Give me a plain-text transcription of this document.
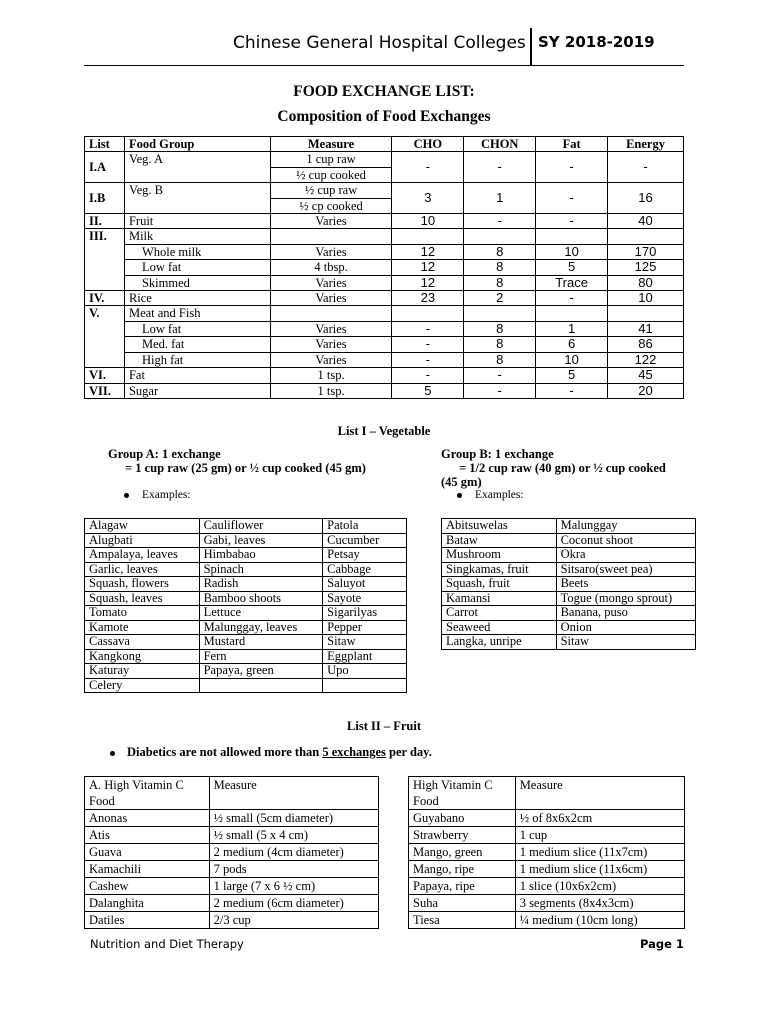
Chinese General Hospital Colleges SY 2018-2019
FOOD EXCHANGE LIST:
Composition of Food Exchanges
List	Food Group	Measure	CHO	CHON	Fat	Energy
I.A	Veg. A	1 cup raw	-	-	-	-
		½ cup cooked				
I.B	Veg. B	½ cup raw	3	1	-	16
		½ cp cooked				
II.	Fruit	Varies	10	-	-	40
III.	Milk					
	Whole milk	Varies	12	8	10	170
	Low fat	4 tbsp.	12	8	5	125
	Skimmed	Varies	12	8	Trace	80
IV.	Rice	Varies	23	2	-	10
V.	Meat and Fish					
	Low fat	Varies	-	8	1	41
	Med. fat	Varies	-	8	6	86
	High fat	Varies	-	8	10	122
VI.	Fat	1 tsp.	-	-	5	45
VII.	Sugar	1 tsp.	5	-	-	20
List I – Vegetable
Group A: 1 exchange
= 1 cup raw (25 gm) or ½ cup cooked (45 gm)
Examples:
Group B: 1 exchange
= 1/2 cup raw (40 gm) or ½ cup cooked
(45 gm)
Examples:
Alagaw	Cauliflower	Patola
Alugbati	Gabi, leaves	Cucumber
Ampalaya, leaves	Himbabao	Petsay
Garlic, leaves	Spinach	Cabbage
Squash, flowers	Radish	Saluyot
Squash, leaves	Bamboo shoots	Sayote
Tomato	Lettuce	Sigarilyas
Kamote	Malunggay, leaves	Pepper
Cassava	Mustard	Sitaw
Kangkong	Fern	Eggplant
Katuray	Papaya, green	Upo
Celery		
Abitsuwelas	Malunggay
Bataw	Coconut shoot
Mushroom	Okra
Singkamas, fruit	Sitsaro(sweet pea)
Squash, fruit	Beets
Kamansi	Togue (mongo sprout)
Carrot	Banana, puso
Seaweed	Onion
Langka, unripe	Sitaw
List II – Fruit
Diabetics are not allowed more than 5 exchanges per day.
A. High Vitamin C Food	Measure
Anonas	½ small (5cm diameter)
Atis	½ small (5 x 4 cm)
Guava	2 medium (4cm diameter)
Kamachili	7 pods
Cashew	1 large (7 x 6 ½ cm)
Dalanghita	2 medium (6cm diameter)
Datiles	2/3 cup
High Vitamin C Food	Measure
Guyabano	½ of 8x6x2cm
Strawberry	1 cup
Mango, green	1 medium slice (11x7cm)
Mango, ripe	1 medium slice (11x6cm)
Papaya, ripe	1 slice (10x6x2cm)
Suha	3 segments (8x4x3cm)
Tiesa	¼ medium (10cm long)
Nutrition and Diet Therapy	Page 1
